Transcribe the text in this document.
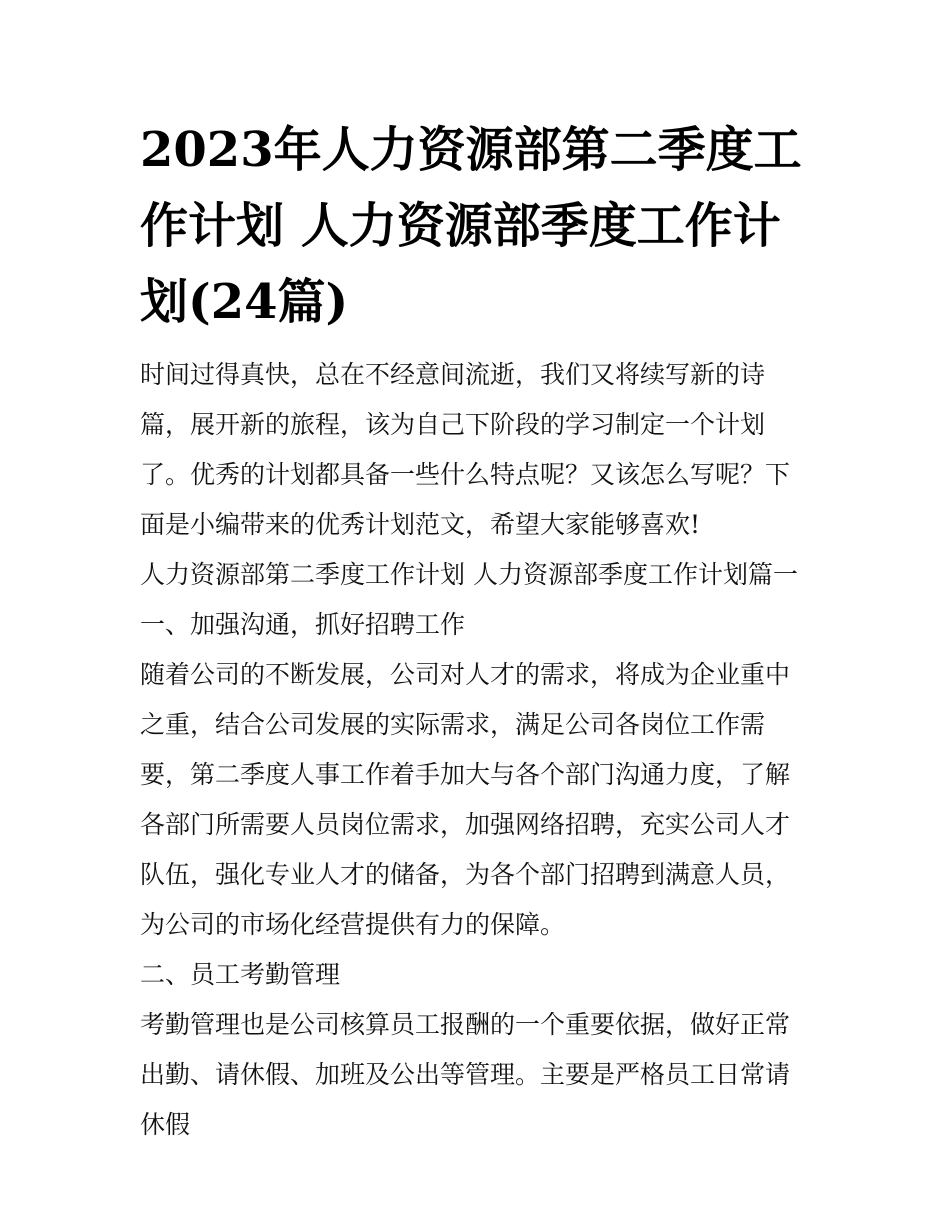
2023年人力资源部第二季度工作计划 人力资源部季度工作计划(24篇)

时间过得真快，总在不经意间流逝，我们又将续写新的诗篇，展开新的旅程，该为自己下阶段的学习制定一个计划了。优秀的计划都具备一些什么特点呢？又该怎么写呢？下面是小编带来的优秀计划范文，希望大家能够喜欢!

人力资源部第二季度工作计划 人力资源部季度工作计划篇一

一、加强沟通，抓好招聘工作

随着公司的不断发展，公司对人才的需求，将成为企业重中之重，结合公司发展的实际需求，满足公司各岗位工作需要，第二季度人事工作着手加大与各个部门沟通力度，了解各部门所需要人员岗位需求，加强网络招聘，充实公司人才队伍，强化专业人才的储备，为各个部门招聘到满意人员，为公司的市场化经营提供有力的保障。

二、员工考勤管理

考勤管理也是公司核算员工报酬的一个重要依据，做好正常出勤、请休假、加班及公出等管理。主要是严格员工日常请休假
